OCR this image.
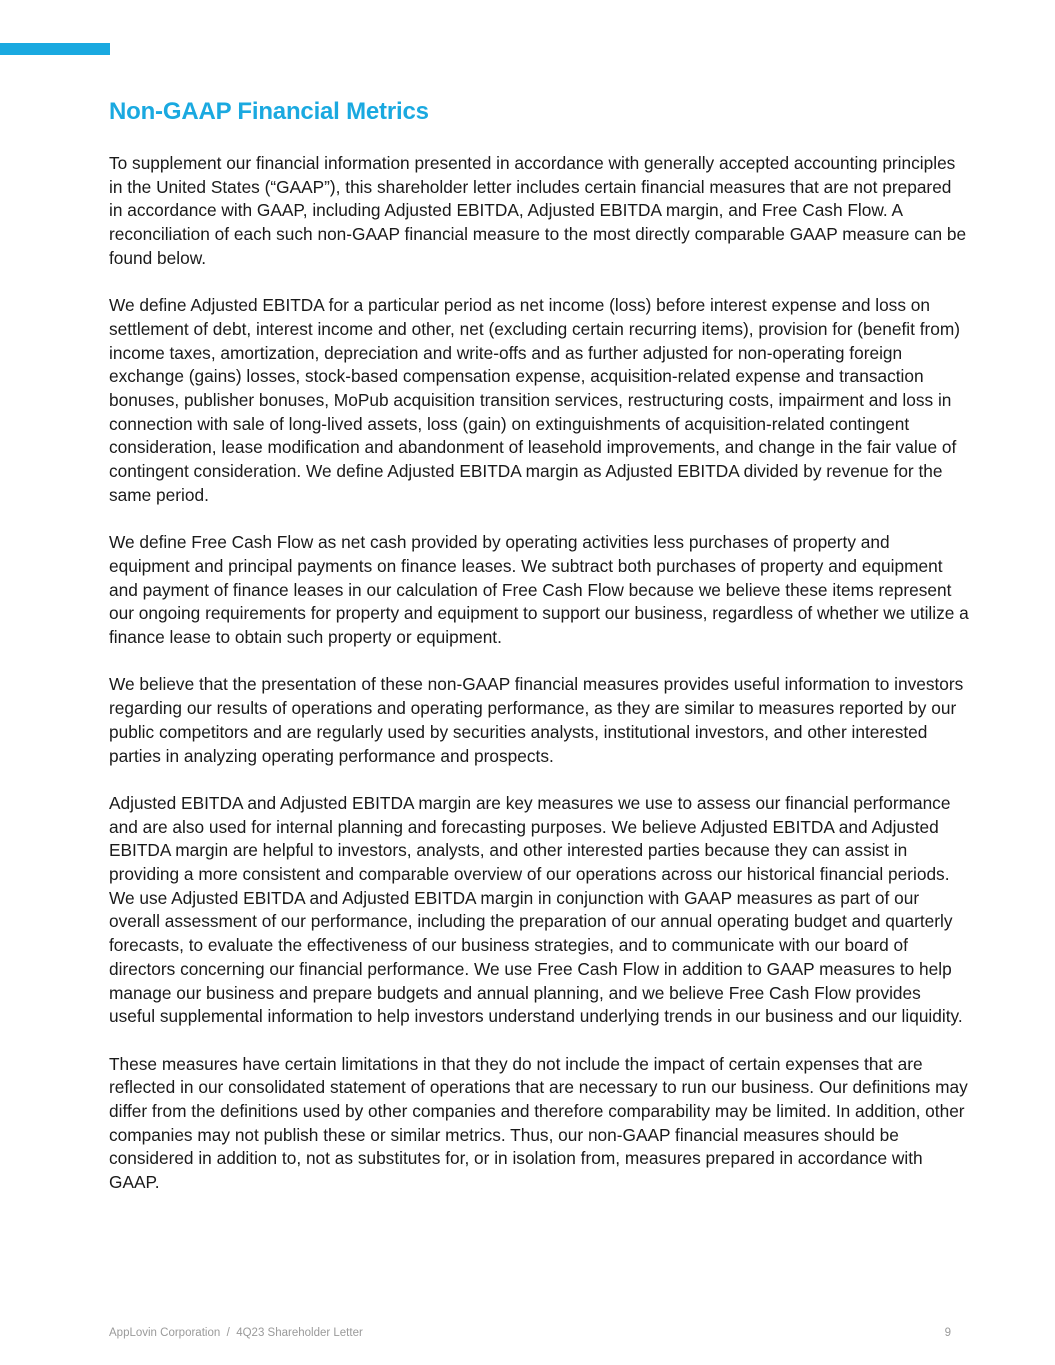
Non-GAAP Financial Metrics

To supplement our financial information presented in accordance with generally accepted accounting principles in the United States (“GAAP”), this shareholder letter includes certain financial measures that are not prepared in accordance with GAAP, including Adjusted EBITDA, Adjusted EBITDA margin, and Free Cash Flow. A reconciliation of each such non-GAAP financial measure to the most directly comparable GAAP measure can be found below.

We define Adjusted EBITDA for a particular period as net income (loss) before interest expense and loss on settlement of debt, interest income and other, net (excluding certain recurring items), provision for (benefit from) income taxes, amortization, depreciation and write-offs and as further adjusted for non-operating foreign exchange (gains) losses, stock-based compensation expense, acquisition-related expense and transaction bonuses, publisher bonuses, MoPub acquisition transition services, restructuring costs, impairment and loss in connection with sale of long-lived assets, loss (gain) on extinguishments of acquisition-related contingent consideration, lease modification and abandonment of leasehold improvements, and change in the fair value of contingent consideration. We define Adjusted EBITDA margin as Adjusted EBITDA divided by revenue for the same period.

We define Free Cash Flow as net cash provided by operating activities less purchases of property and equipment and principal payments on finance leases. We subtract both purchases of property and equipment and payment of finance leases in our calculation of Free Cash Flow because we believe these items represent our ongoing requirements for property and equipment to support our business, regardless of whether we utilize a finance lease to obtain such property or equipment.

We believe that the presentation of these non-GAAP financial measures provides useful information to investors regarding our results of operations and operating performance, as they are similar to measures reported by our public competitors and are regularly used by securities analysts, institutional investors, and other interested parties in analyzing operating performance and prospects.

Adjusted EBITDA and Adjusted EBITDA margin are key measures we use to assess our financial performance and are also used for internal planning and forecasting purposes. We believe Adjusted EBITDA and Adjusted EBITDA margin are helpful to investors, analysts, and other interested parties because they can assist in providing a more consistent and comparable overview of our operations across our historical financial periods. We use Adjusted EBITDA and Adjusted EBITDA margin in conjunction with GAAP measures as part of our overall assessment of our performance, including the preparation of our annual operating budget and quarterly forecasts, to evaluate the effectiveness of our business strategies, and to communicate with our board of directors concerning our financial performance. We use Free Cash Flow in addition to GAAP measures to help manage our business and prepare budgets and annual planning, and we believe Free Cash Flow provides useful supplemental information to help investors understand underlying trends in our business and our liquidity.

These measures have certain limitations in that they do not include the impact of certain expenses that are reflected in our consolidated statement of operations that are necessary to run our business. Our definitions may differ from the definitions used by other companies and therefore comparability may be limited. In addition, other companies may not publish these or similar metrics. Thus, our non-GAAP financial measures should be considered in addition to, not as substitutes for, or in isolation from, measures prepared in accordance with GAAP.

AppLovin Corporation  /  4Q23 Shareholder Letter	9
